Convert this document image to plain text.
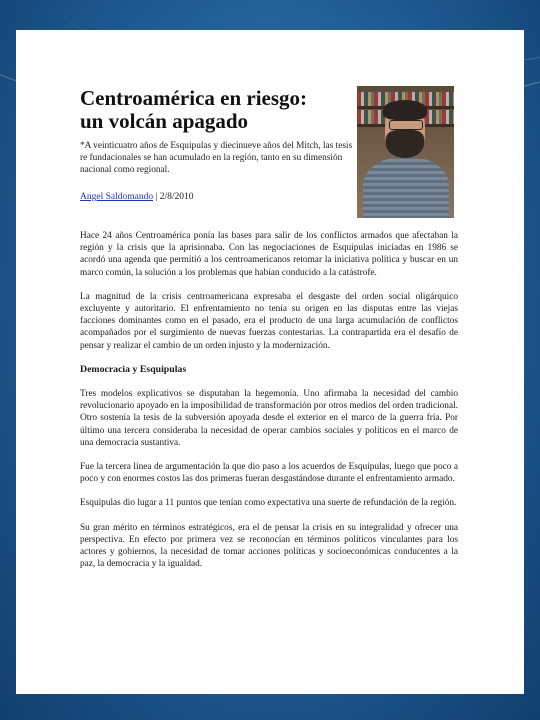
Centroamérica en riesgo:
un volcán apagado
*A veinticuatro años de Esquipulas y diecinueve años del Mitch, las tesis re fundacionales se han acumulado en la región, tanto en su dimensión nacional como regional.
Angel Saldomando | 2/8/2010

Hace 24 años Centroamérica ponía las bases para salir de los conflictos armados que afectaban la región y la crisis que la aprisionaba. Con las negociaciones de Esquipulas iniciadas en 1986 se acordó una agenda que permitió a los centroamericanos retomar la iniciativa política y buscar en un marco común, la solución a los problemas que habían conducido a la catástrofe.

La magnitud de la crisis centroamericana expresaba el desgaste del orden social oligárquico excluyente y autoritario. El enfrentamiento no tenía su origen en las disputas entre las viejas facciones dominantes como en el pasado, era el producto de una larga acumulación de conflictos acompañados por el surgimiento de nuevas fuerzas contestarias. La contrapartida era el desafío de pensar y realizar el cambio de un orden injusto y la modernización.

Democracia y Esquipulas

Tres modelos explicativos se disputaban la hegemonía. Uno afirmaba la necesidad del cambio revolucionario apoyado en la imposibilidad de transformación por otros medios del orden tradicional. Otro sostenía la tesis de la subversión apoyada desde el exterior en el marco de la guerra fría. Por último una tercera consideraba la necesidad de operar cambios sociales y políticos en el marco de una democracia sustantiva.

Fue la tercera línea de argumentación la que dio paso a los acuerdos de Esquipulas, luego que poco a poco y con enormes costos las dos primeras fueran desgastándose durante el enfrentamiento armado.

Esquipulas dio lugar a 11 puntos que tenían como expectativa una suerte de refundación de la región.

Su gran mérito en términos estratégicos, era el de pensar la crisis en su integralidad y ofrecer una perspectiva. En efecto por primera vez se reconocían en términos políticos vinculantes para los actores y gobiernos, la necesidad de tomar acciones políticas y socioeconómicas conducentes a la paz, la democracia y la igualdad.
